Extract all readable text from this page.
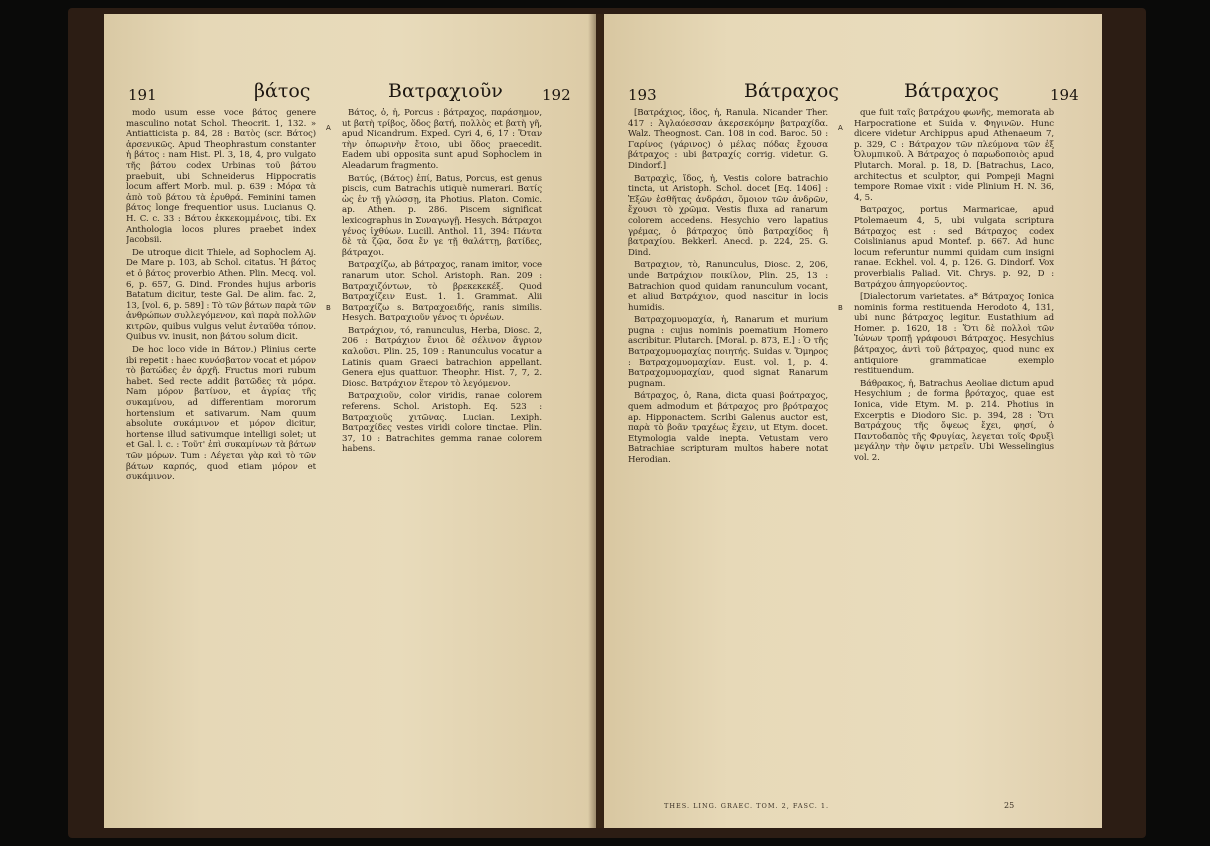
191	βάτος	Βατραχιοῦν	192

modo usum esse voce βάτος genere masculino notat Schol. Theocrit. 1, 132. » Antiatticista p. 84, 28 : Βατὸς (scr. Βάτος) ἀρσενικῶς. Apud Theophrastum constanter ἡ βάτος : nam Hist. Pl. 3, 18, 4, pro vulgato τῆς βάτου codex Urbinas τοῦ βάτου praebuit, ubi Schneiderus Hippocratis locum affert Morb. mul. p. 639 : Μόρα τὰ ἀπὸ τοῦ βάτου τὰ ἐρυθρά. Feminini tamen βάτος longe frequentior usus. Lucianus Q. H. C. c. 33 : Βάτου ἐκκεκομμένοις, tibi. Ex Anthologia locos plures praebet index Jacobsii.

De utroque dicit Thiele, ad Sophoclem Aj. De Mare p. 103, ab Schol. citatus. Ἡ βάτος et ὁ βάτος proverbio Athen. Plin. Mecq. vol. 6, p. 657, G. Dind. Frondes hujus arboris Batatum dicitur, teste Gal. De alim. fac. 2, 13, [vol. 6, p. 589] : Τὸ τῶν βάτων παρὰ τῶν ἀνθρώπων συλλεγόμενον, καὶ παρὰ πολλῶν κιτρῶν, quibus vulgus velut ἐνταῦθα τόπον. Quibus vv. inusit, non βάτου solum dicit.

De hoc loco vide in Βάτον.) Plinius certe ibi repetit : haec κυνόσβατον vocat et μόρον τὸ βατώδες ἐν ἀρχῆ. Fructus mori rubum habet. Sed recte addit βατῶδες τὰ μόρα. Nam μόρον βατίνον, et ἀγρίας τῆς συκαμίνου, ad differentiam mororum hortensium et sativarum. Nam quum absolute συκάμινον et μόρον dicitur, hortense illud sativumque intelligi solet; ut et Gal. l. c. : Τοῦτ' ἐπὶ συκαμίνων τὰ βάτων τῶν μόρων. Tum : Λέγεται γὰρ καὶ τὸ τῶν βάτων καρπός, quod etiam μόρον et συκάμινον.

A
B

Βάτος, ὁ, ἡ, Porcus : βάτραχος, παράσημον, ut βατὴ τρίβος, ὅδος βατή, πολλὸς et βατὴ γῆ, apud Nicandrum. Exped. Cyri 4, 6, 17 : Ὅταν τὴν ὁπωρινὴν ἔτοιο, ubi ὅδος praecedit. Eadem ubi opposita sunt apud Sophoclem in Aleadarum fragmento.

Βατύς, (Βάτος) ἐπί, Batus, Porcus, est genus piscis, cum Batrachis utiquè numerari. Βατίς ὡς ἐν τῇ γλώσσῃ, ita Photius. Platon. Comic. ap. Athen. p. 286. Piscem significat lexicographus in Συναγωγῇ. Hesych. Βάτραχοι γένος ἰχθύων. Lucill. Anthol. 11, 394: Πάντα δὲ τὰ ζῷα, ὅσα ἔν γε τῇ θαλάττῃ, βατίδες, βάτραχοι.

Βατραχίζω, ab βάτραχος, ranam imitor, voce ranarum utor. Schol. Aristoph. Ran. 209 : Βατραχιζόντων, τὸ βρεκεκεκέξ. Quod Βατραχίζειν Eust. 1. 1. Grammat. Alii Βατραχίζω s. Βατραχοειδής, ranis similis. Hesych. Βατραχιοῦν γένος τι ὀρνέων.

Βατράχιον, τό, ranunculus, Herba, Diosc. 2, 206 : Βατράχιον ἔνιοι δὲ σέλινον ἄγριον καλοῦσι. Plin. 25, 109 : Ranunculus vocatur a Latinis quam Graeci batrachion appellant. Genera ejus quattuor. Theophr. Hist. 7, 7, 2. Diosc. Βατράχιον ἕτερον τὸ λεγόμενον.

Βατραχιοῦν, color viridis, ranae colorem referens. Schol. Aristoph. Eq. 523 : Βατραχιοῦς χιτῶνας. Lucian. Lexiph. Βατραχίδες vestes viridi colore tinctae. Plin. 37, 10 : Batrachites gemma ranae colorem habens.

193	Βάτραχος	Βάτραχος	194

[Βατράχιος, ἰδος, ἡ, Ranula. Nicander Ther. 417 : Ἀγλαόεσσαν ἀκερσεκόμην βατραχίδα. Walz. Theognost. Can. 108 in cod. Baroc. 50 : Γαρίνος (γάρινος) ὁ μέλας πόδας ἔχουσα βάτραχος : ubi βατραχίς corrig. videtur. G. Dindorf.]

Βατραχὶς, ἴδος, ἡ, Vestis colore batrachio tincta, ut Aristoph. Schol. docet [Eq. 1406] : Ἐξῶν ἐσθῆτας ἀνδράσι, ὅμοιον τῶν ἀνδρῶν, ἔχουσι τὸ χρῶμα. Vestis fluxa ad ranarum colorem accedens. Hesychio vero lapatius γρέμας, ὁ βάτραχος ὑπὸ βατραχίδος ἢ βατραχίου. Bekkerl. Anecd. p. 224, 25. G. Dind.

Βατραχιον, τὸ, Ranunculus, Diosc. 2, 206, unde Βατράχιον ποικίλον, Plin. 25, 13 : Batrachion quod quidam ranunculum vocant, et aliud Βατράχιον, quod nascitur in locis humidis.

Βατραχομυομαχία, ἡ, Ranarum et murium pugna : cujus nominis poematium Homero ascribitur. Plutarch. [Moral. p. 873, E.] : Ὁ τῆς Βατραχομυομαχίας ποιητής. Suidas v. Ὅμηρος : Βατραχομυομαχίαν. Eust. vol. 1, p. 4. Βατραχομυομαχίαν, quod signat Ranarum pugnam.

Βάτραχος, ὁ, Rana, dicta quasi βοάτραχος, quem admodum et βάτραχος pro βρότραχος ap. Hipponactem. Scribi Galenus auctor est, παρὰ τὸ βοᾶν τραχέως ἔχειν, ut Etym. docet. Etymologia valde inepta. Vetustam vero Batrachiae scripturam multos habere notat Herodian.

A
B

que fuit ταῖς βατράχου φωνῆς, memorata ab Harpocratione et Suida v. Φηγινῶν. Hunc dicere videtur Archippus apud Athenaeum 7, p. 329, C : Βάτραχον τῶν πλεύμονα τῶν ἐξ Ὀλυμπικοῦ. Ἀ Βάτραχος ὁ παρωδοποιὸς apud Plutarch. Moral. p. 18, D. [Batrachus, Laco, architectus et sculptor, qui Pompeji Magni tempore Romae vixit : vide Plinium H. N. 36, 4, 5.

Βατραχος, portus Marmaricae, apud Ptolemaeum 4, 5, ubi vulgata scriptura Βάτραχος est : sed Βάτραχος codex Coislinianus apud Montef. p. 667. Ad hunc locum referuntur nummi quidam cum insigni ranae. Eckhel. vol. 4, p. 126. G. Dindorf. Vox proverbialis Paliad. Vit. Chrys. p. 92, D : Βατράχου ἀπηγορεύοντος.

[Dialectorum varietates. a* Βάτραχος Ionica nominis forma restituenda Herodoto 4, 131, ubi nunc βάτραχος legitur. Eustathium ad Homer. p. 1620, 18 : Ὅτι δὲ πολλοὶ τῶν Ἰώνων τροπῇ γράφουσι Βάτραχος. Hesychius βάτραχος, ἀντὶ τοῦ βάτραχος, quod nunc ex antiquiore grammaticae exemplo restituendum.

Βάθρακος, ἡ, Batrachus Aeoliae dictum apud Hesychium ; de forma βρόταχος, quae est Ionica, vide Etym. M. p. 214. Photius in Excerptis e Diodoro Sic. p. 394, 28 : Ὅτι Βατράχους τῆς ὄψεως ἔχει, φησί, ὁ Παντοδαπὸς τῆς Φρυγίας, λεγεται τοῖς Φρυξὶ μεγάλην τὴν ὄψιν μετρεῖν. Ubi Wesselingius vol. 2.

THES. LING. GRAEC. TOM. 2, FASC. 1.	25
